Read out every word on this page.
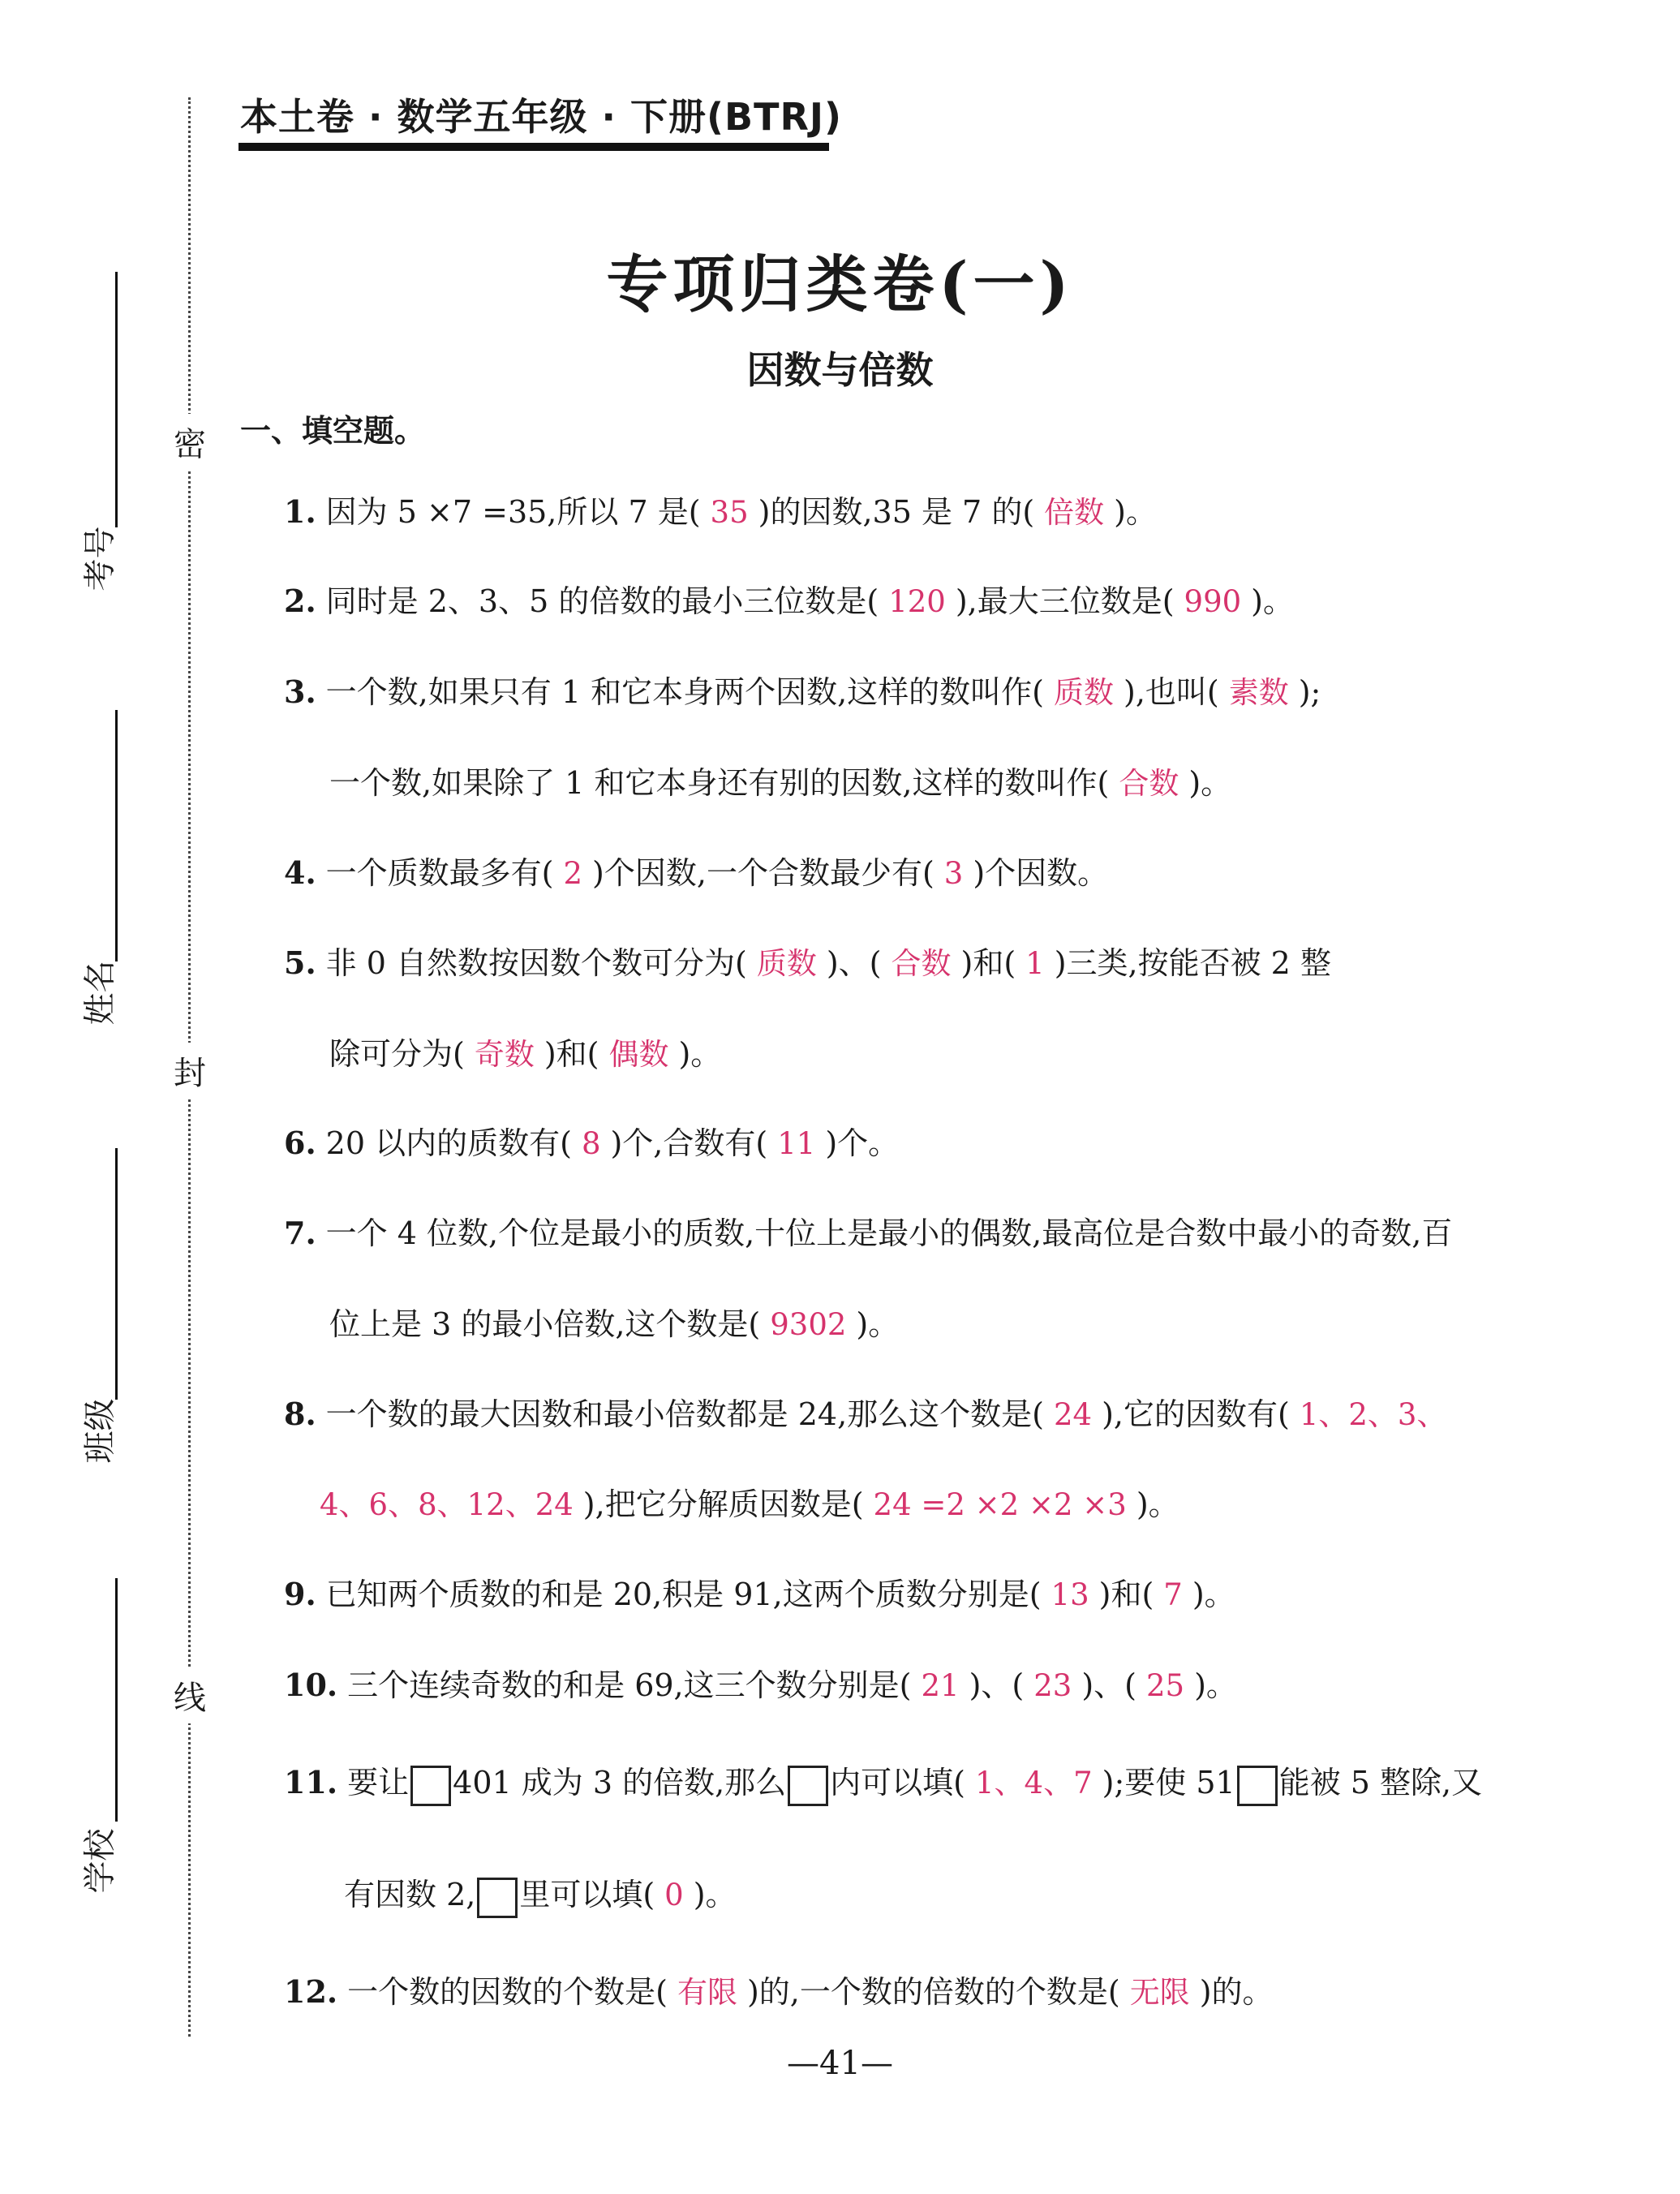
本土卷 · 数学五年级 · 下册(BTRJ)
专项归类卷(一)
因数与倍数
一、填空题。
密
封
线
考号
姓名
班级
学校
1. 因为 5 ×7 =35,所以 7 是( 35 )的因数,35 是 7 的( 倍数 )。
2. 同时是 2、3、5 的倍数的最小三位数是( 120 ),最大三位数是( 990 )。
3. 一个数,如果只有 1 和它本身两个因数,这样的数叫作( 质数 ),也叫( 素数 );
一个数,如果除了 1 和它本身还有别的因数,这样的数叫作( 合数 )。
4. 一个质数最多有( 2 )个因数,一个合数最少有( 3 )个因数。
5. 非 0 自然数按因数个数可分为( 质数 )、( 合数 )和( 1 )三类,按能否被 2 整
除可分为( 奇数 )和( 偶数 )。
6. 20 以内的质数有( 8 )个,合数有( 11 )个。
7. 一个 4 位数,个位是最小的质数,十位上是最小的偶数,最高位是合数中最小的奇数,百
位上是 3 的最小倍数,这个数是( 9302 )。
8. 一个数的最大因数和最小倍数都是 24,那么这个数是( 24 ),它的因数有( 1、2、3、
4、6、8、12、24 ),把它分解质因数是( 24 =2 ×2 ×2 ×3 )。
9. 已知两个质数的和是 20,积是 91,这两个质数分别是( 13 )和( 7 )。
10. 三个连续奇数的和是 69,这三个数分别是( 21 )、( 23 )、( 25 )。
11. 要让 401 成为 3 的倍数,那么 内可以填( 1、4、7 );要使 51 能被 5 整除,又
有因数 2, 里可以填( 0 )。
12. 一个数的因数的个数是( 有限 )的,一个数的倍数的个数是( 无限 )的。
—41—
